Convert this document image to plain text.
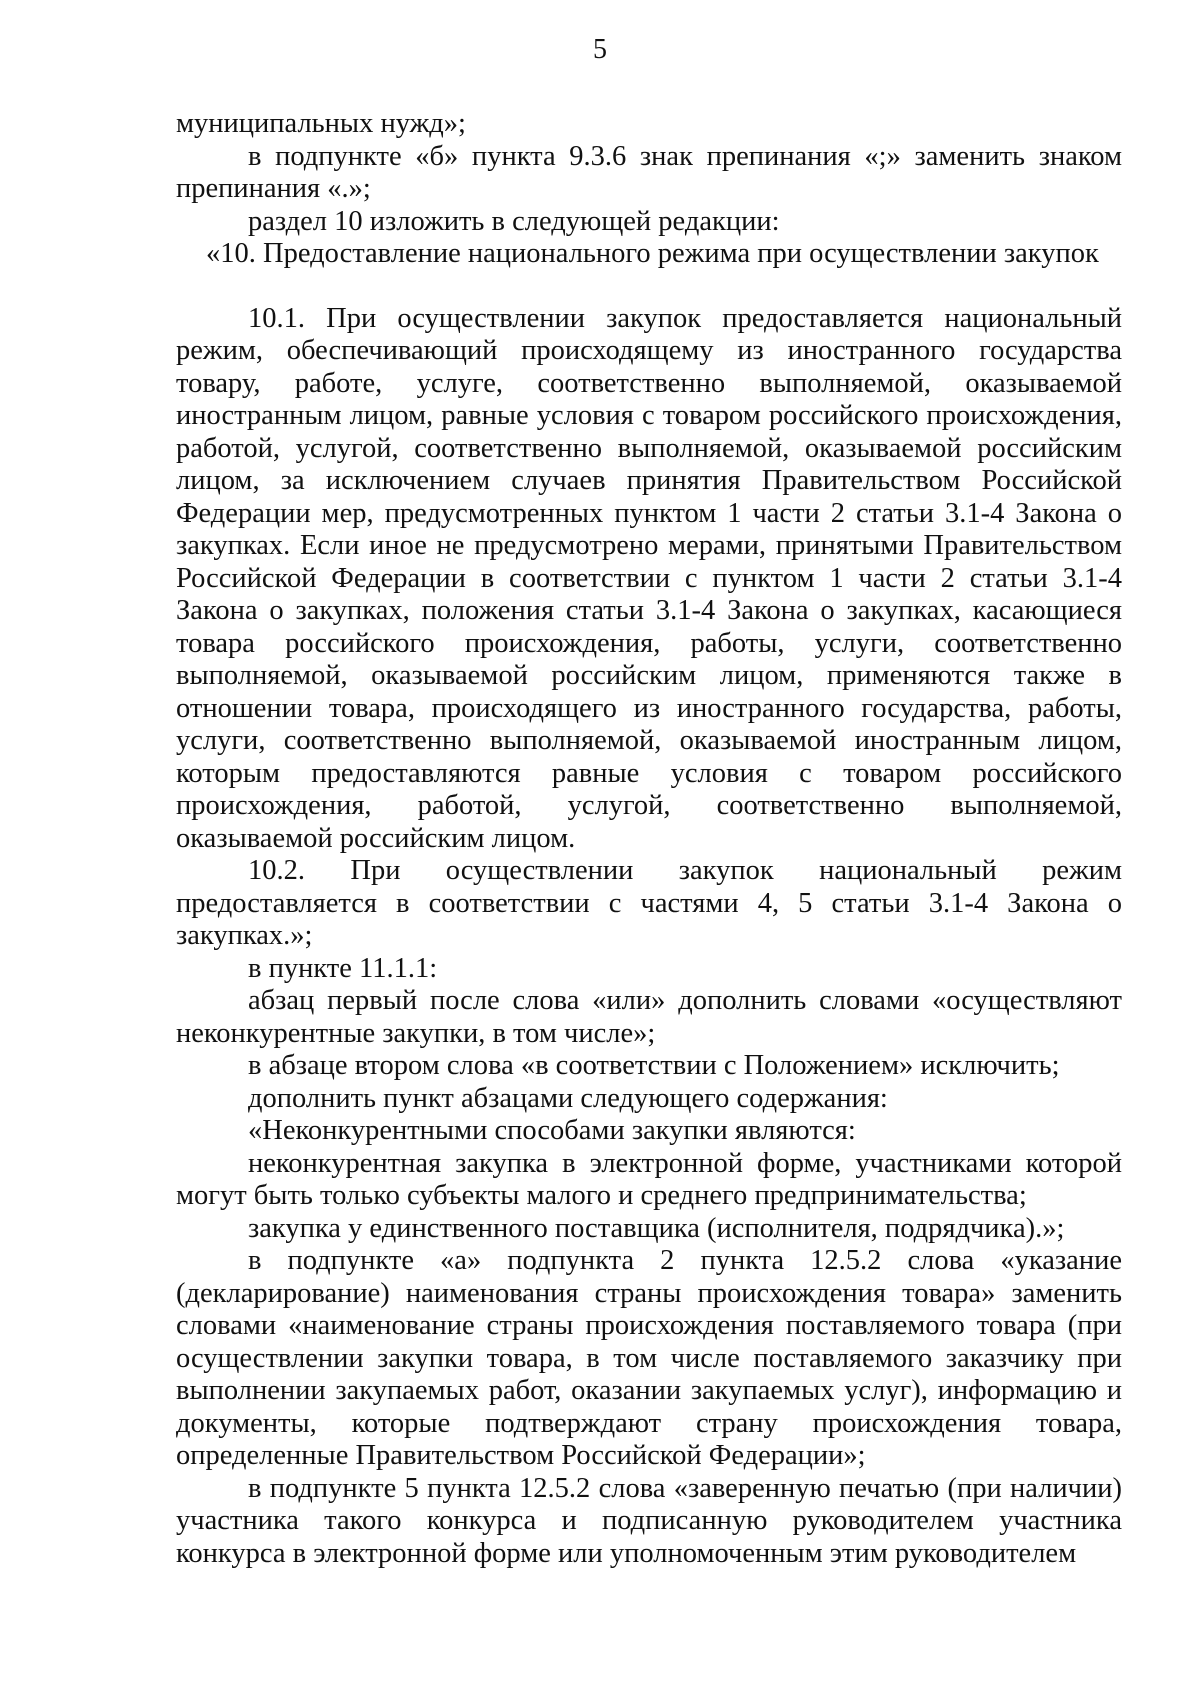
5

муниципальных нужд»;

в подпункте «б» пункта 9.3.6 знак препинания «;» заменить знаком препинания «.»;

раздел 10 изложить в следующей редакции:

«10. Предоставление национального режима при осуществлении закупок

10.1. При осуществлении закупок предоставляется национальный режим, обеспечивающий происходящему из иностранного государства товару, работе, услуге, соответственно выполняемой, оказываемой иностранным лицом, равные условия с товаром российского происхождения, работой, услугой, соответственно выполняемой, оказываемой российским лицом, за исключением случаев принятия Правительством Российской Федерации мер, предусмотренных пунктом 1 части 2 статьи 3.1-4 Закона о закупках. Если иное не предусмотрено мерами, принятыми Правительством Российской Федерации в соответствии с пунктом 1 части 2 статьи 3.1-4 Закона о закупках, положения статьи 3.1-4 Закона о закупках, касающиеся товара российского происхождения, работы, услуги, соответственно выполняемой, оказываемой российским лицом, применяются также в отношении товара, происходящего из иностранного государства, работы, услуги, соответственно выполняемой, оказываемой иностранным лицом, которым предоставляются равные условия с товаром российского происхождения, работой, услугой, соответственно выполняемой, оказываемой российским лицом.

10.2. При осуществлении закупок национальный режим предоставляется в соответствии с частями 4, 5 статьи 3.1-4 Закона о закупках.»;

в пункте 11.1.1:

абзац первый после слова «или» дополнить словами «осуществляют неконкурентные закупки, в том числе»;

в абзаце втором слова «в соответствии с Положением» исключить;

дополнить пункт абзацами следующего содержания:

«Неконкурентными способами закупки являются:

неконкурентная закупка в электронной форме, участниками которой могут быть только субъекты малого и среднего предпринимательства;

закупка у единственного поставщика (исполнителя, подрядчика).»;

в подпункте «а» подпункта 2 пункта 12.5.2 слова «указание (декларирование) наименования страны происхождения товара» заменить словами «наименование страны происхождения поставляемого товара (при осуществлении закупки товара, в том числе поставляемого заказчику при выполнении закупаемых работ, оказании закупаемых услуг), информацию и документы, которые подтверждают страну происхождения товара, определенные Правительством Российской Федерации»;

в подпункте 5 пункта 12.5.2 слова «заверенную печатью (при наличии) участника такого конкурса и подписанную руководителем участника конкурса в электронной форме или уполномоченным этим руководителем
